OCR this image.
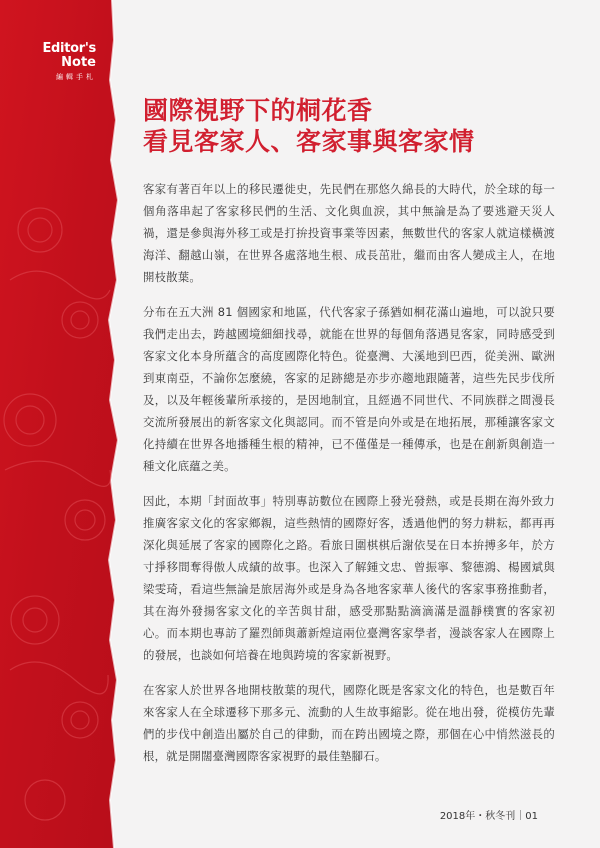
Editor's
Note
編輯手札
國際視野下的桐花香
看見客家人、客家事與客家情

客家有著百年以上的移民遷徙史，先民們在那悠久綿長的大時代，於全球的每一個角落串起了客家移民們的生活、文化與血淚，其中無論是為了要逃避天災人禍，還是參與海外移工或是打拚投資事業等因素，無數世代的客家人就這樣橫渡海洋、翻越山嶺，在世界各處落地生根、成長茁壯，繼而由客人變成主人，在地開枝散葉。

分布在五大洲 81 個國家和地區，代代客家子孫猶如桐花滿山遍地，可以說只要我們走出去，跨越國境細細找尋，就能在世界的每個角落遇見客家，同時感受到客家文化本身所蘊含的高度國際化特色。從臺灣、大溪地到巴西，從美洲、歐洲到東南亞，不論你怎麼繞，客家的足跡總是亦步亦趨地跟隨著，這些先民步伐所及，以及年輕後輩所承接的，是因地制宜，且經過不同世代、不同族群之間漫長交流所發展出的新客家文化與認同。而不管是向外或是在地拓展，那種讓客家文化持續在世界各地播種生根的精神，已不僅僅是一種傳承，也是在創新與創造一種文化底蘊之美。

因此，本期「封面故事」特別專訪數位在國際上發光發熱，或是長期在海外致力推廣客家文化的客家鄉親，這些熱情的國際好客，透過他們的努力耕耘，都再再深化與延展了客家的國際化之路。看旅日圍棋棋后謝依旻在日本拚搏多年，於方寸掙移間奪得傲人成績的故事。也深入了解鍾文忠、曾振寧、黎德鴻、楊國斌與梁雯琦，看這些無論是旅居海外或是身為各地客家華人後代的客家事務推動者，其在海外發揚客家文化的辛苦與甘甜，感受那點點滴滴滿是溫靜樸實的客家初心。而本期也專訪了羅烈師與蕭新煌這兩位臺灣客家學者，漫談客家人在國際上的發展，也談如何培養在地與跨境的客家新視野。

在客家人於世界各地開枝散葉的現代，國際化既是客家文化的特色，也是數百年來客家人在全球遷移下那多元、流動的人生故事縮影。從在地出發，從模仿先輩們的步伐中創造出屬於自己的律動，而在跨出國境之際，那個在心中悄然滋長的根，就是開闊臺灣國際客家視野的最佳墊腳石。

2018年・秋冬刊｜01
